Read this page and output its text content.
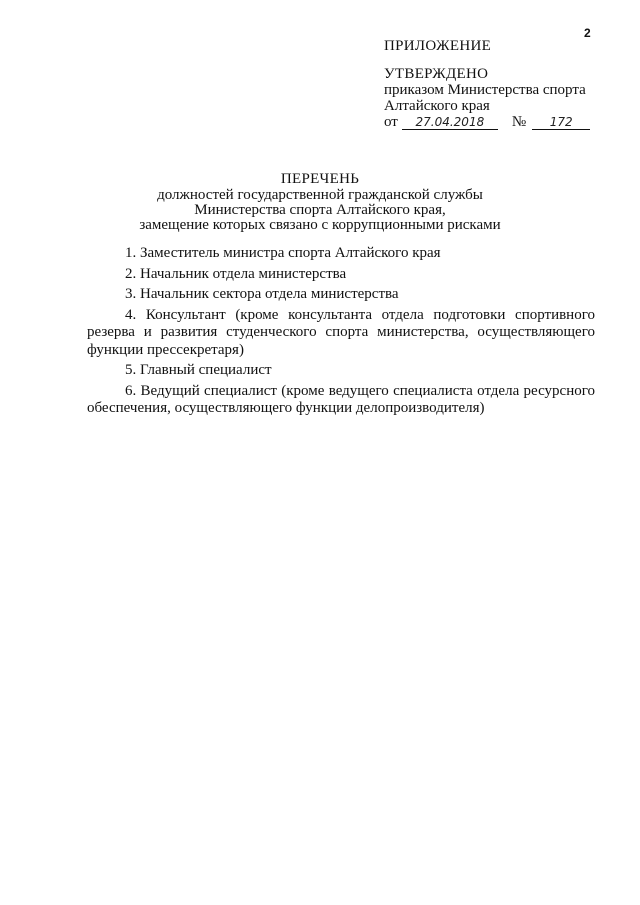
2
ПРИЛОЖЕНИЕ
УТВЕРЖДЕНО
приказом Министерства спорта
Алтайского края
от	27.04.2018	№	172
ПЕРЕЧЕНЬ
должностей государственной гражданской службы
Министерства спорта Алтайского края,
замещение которых связано с коррупционными рисками

1. Заместитель министра спорта Алтайского края

2. Начальник отдела министерства

3. Начальник сектора отдела министерства

4. Консультант (кроме консультанта отдела подготовки спортивного резерва и развития студенческого спорта министерства, осуществляющего функции прессекретаря)

5. Главный специалист

6. Ведущий специалист (кроме ведущего специалиста отдела ресурсного обеспечения, осуществляющего функции делопроизводителя)
